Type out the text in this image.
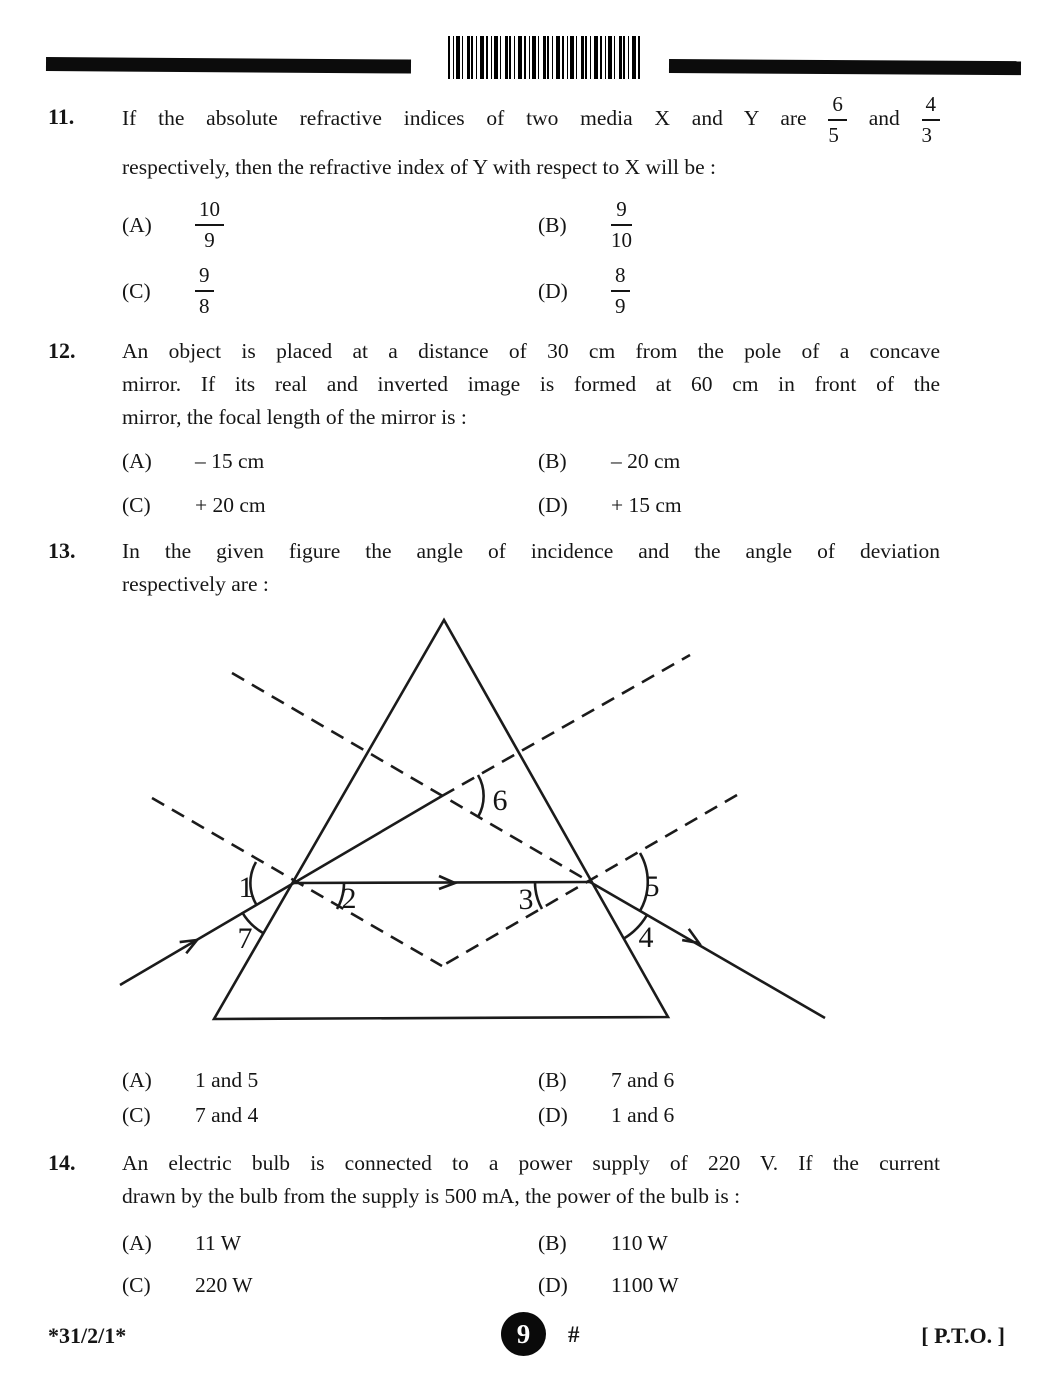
11. If the absolute refractive indices of two media X and Y are $\frac{6}{5}$ and $\frac{4}{3}$
respectively, then the refractive index of Y with respect to X will be :
(A)	$\frac{10}{9}$	(B)	$\frac{9}{10}$
(C)	$\frac{9}{8}$	(D)	$\frac{8}{9}$
12. An object is placed at a distance of 30 cm from the pole of a concave
mirror. If its real and inverted image is formed at 60 cm in front of the
mirror, the focal length of the mirror is :
(A)	– 15 cm	(B)	– 20 cm
(C)	+ 20 cm	(D)	+ 15 cm
13. In the given figure the angle of incidence and the angle of deviation
respectively are :
1	2	3
4
5
6
7
(A)	1 and 5	(B)	7 and 6
(C)	7 and 4	(D)	1 and 6
14. An electric bulb is connected to a power supply of 220 V. If the current
drawn by the bulb from the supply is 500 mA, the power of the bulb is :
(A)	11 W	(B)	110 W
(C)	220 W	(D)	1100 W
*31/2/1*	9 #	[ P.T.O. ]
